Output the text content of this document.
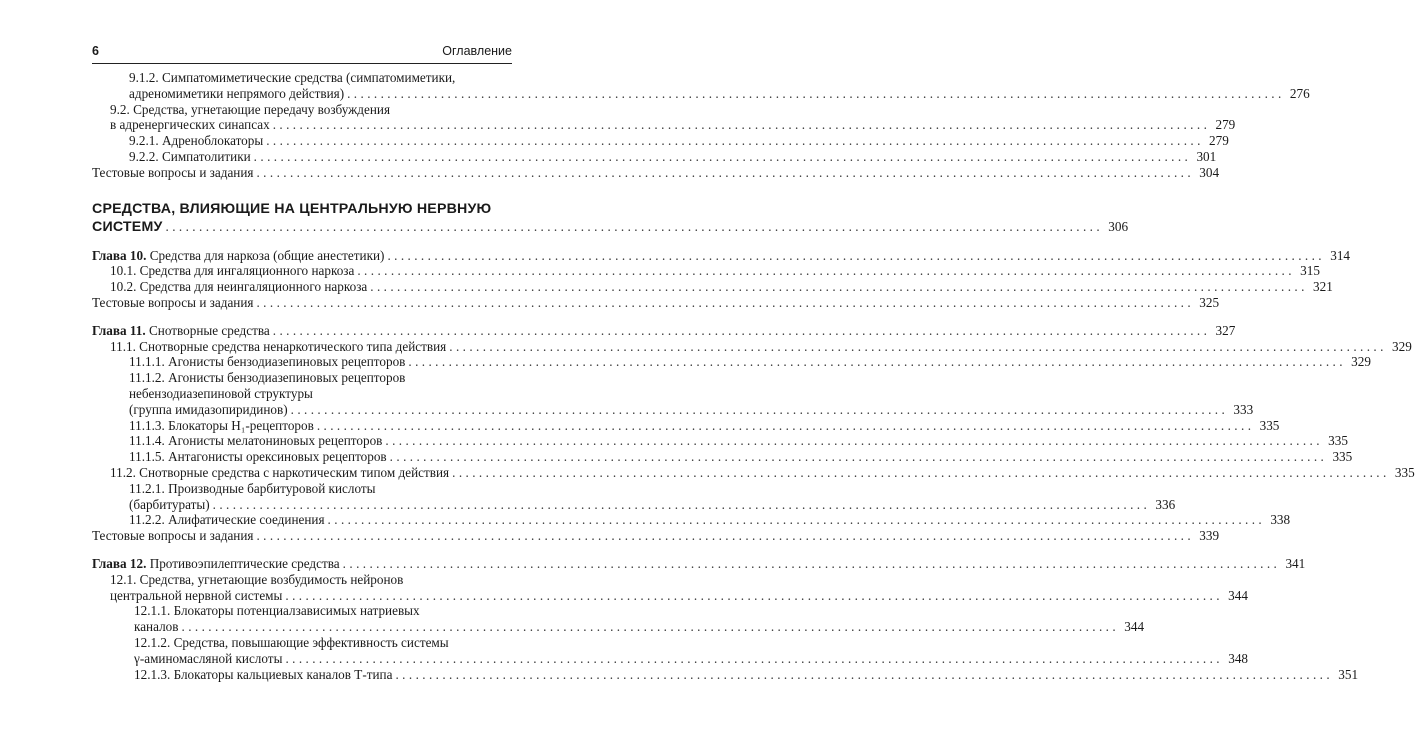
6	Оглавление
9.1.2. Симпатомиметические средства (симпатомиметики,
адреномиметики непрямого действия) ............................................................................................................................................ 276
9.2. Средства, угнетающие передачу возбуждения
в адренергических синапсах ............................................................................................................................................ 279
9.2.1. Адреноблокаторы ............................................................................................................................................ 279
9.2.2. Симпатолитики ............................................................................................................................................ 301
Тестовые вопросы и задания ............................................................................................................................................ 304
СРЕДСТВА, ВЛИЯЮЩИЕ НА ЦЕНТРАЛЬНУЮ НЕРВНУЮ
СИСТЕМУ ............................................................................................................................................ 306
Глава 10. Средства для наркоза (общие анестетики) ............................................................................................................................................ 314
10.1. Средства для ингаляционного наркоза ............................................................................................................................................ 315
10.2. Средства для неингаляционного наркоза ............................................................................................................................................ 321
Тестовые вопросы и задания ............................................................................................................................................ 325
Глава 11. Снотворные средства ............................................................................................................................................ 327
11.1. Снотворные средства ненаркотического типа действия ............................................................................................................................................ 329
11.1.1. Агонисты бензодиазепиновых рецепторов ............................................................................................................................................ 329
11.1.2. Агонисты бензодиазепиновых рецепторов
небензодиазепиновой структуры
(группа имидазопиридинов) ............................................................................................................................................ 333
11.1.3. Блокаторы H₁-рецепторов ............................................................................................................................................ 335
11.1.4. Агонисты мелатониновых рецепторов ............................................................................................................................................ 335
11.1.5. Антагонисты орексиновых рецепторов ............................................................................................................................................ 335
11.2. Снотворные средства с наркотическим типом действия ............................................................................................................................................ 335
11.2.1. Производные барбитуровой кислоты
(барбитураты) ............................................................................................................................................ 336
11.2.2. Алифатические соединения ............................................................................................................................................ 338
Тестовые вопросы и задания ............................................................................................................................................ 339
Глава 12. Противоэпилептические средства ............................................................................................................................................ 341
12.1. Средства, угнетающие возбудимость нейронов
центральной нервной системы ............................................................................................................................................ 344
12.1.1. Блокаторы потенциалзависимых натриевых
каналов ............................................................................................................................................ 344
12.1.2. Средства, повышающие эффективность системы
γ-аминомасляной кислоты ............................................................................................................................................ 348
12.1.3. Блокаторы кальциевых каналов Т-типа ............................................................................................................................................ 351
